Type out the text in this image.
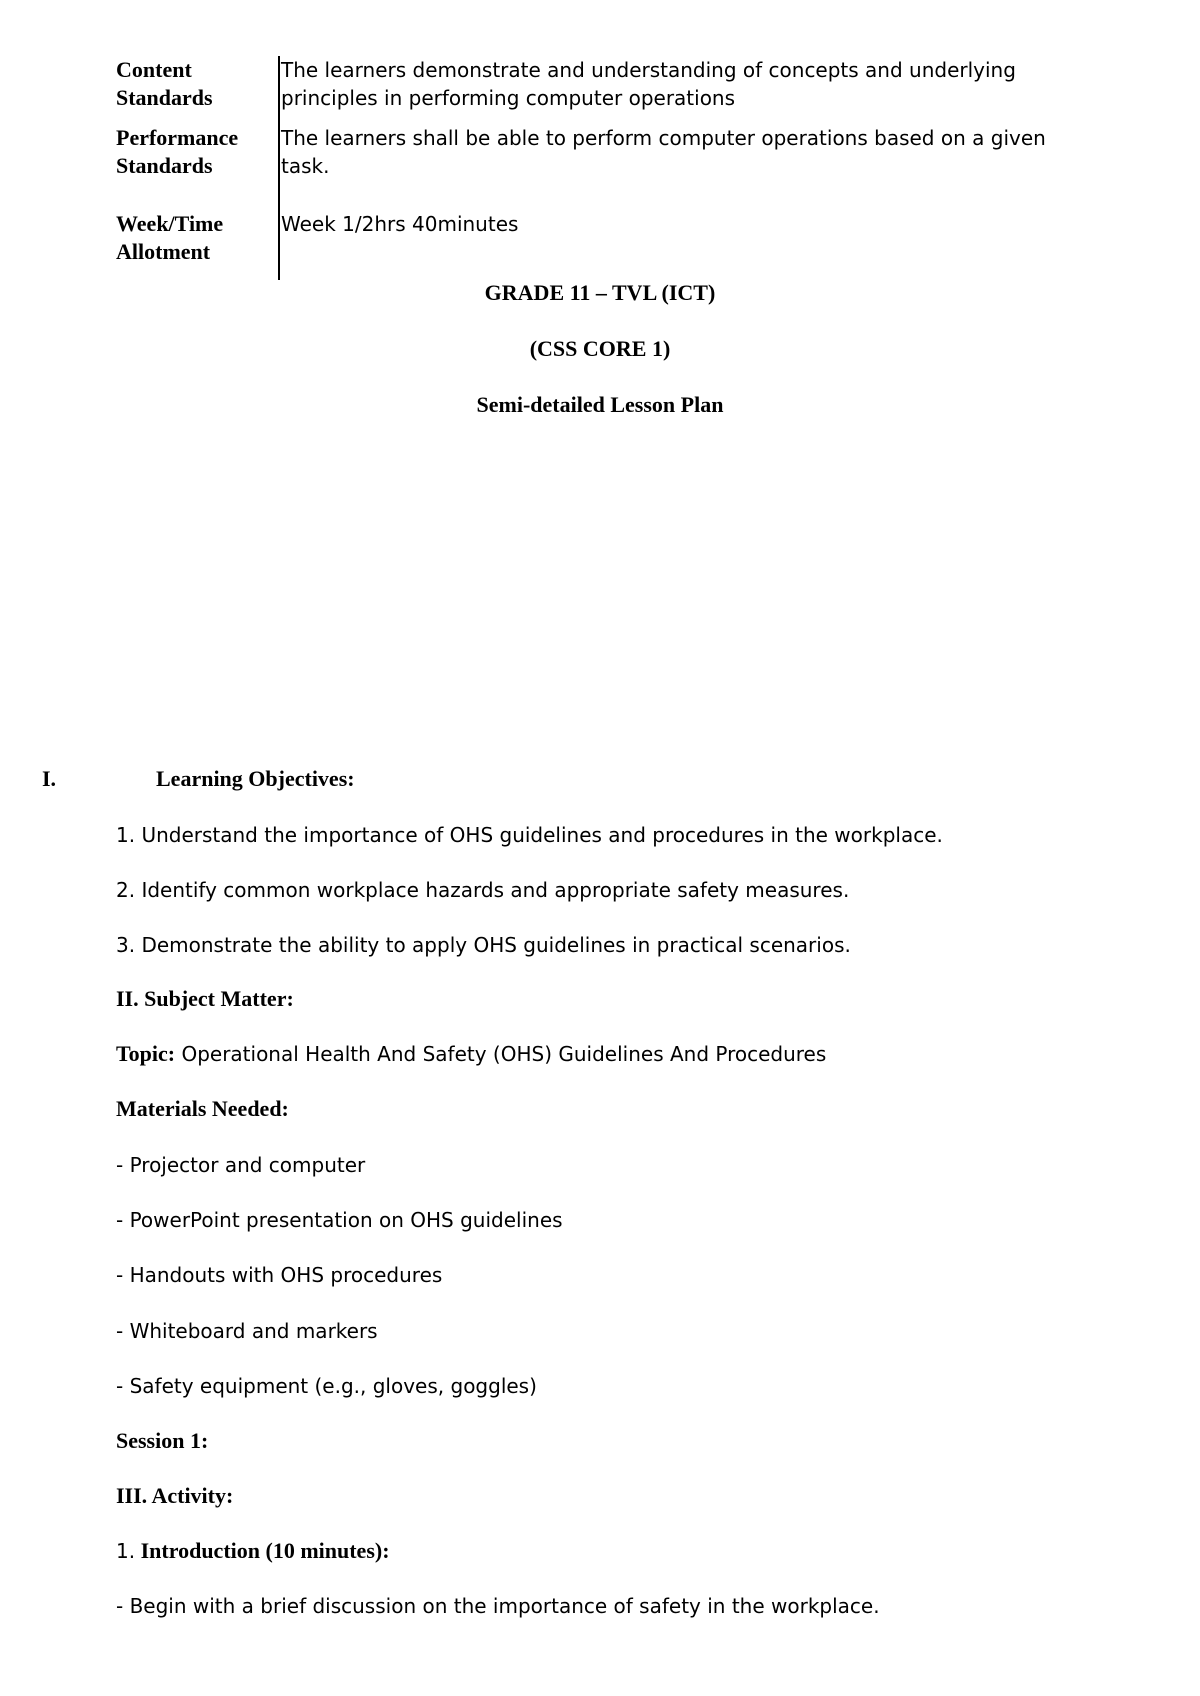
Content
Standards
The learners demonstrate and understanding of concepts and underlying
principles in performing computer operations
Performance
Standards
The learners shall be able to perform computer operations based on a given
task.
Week/Time
Allotment
Week 1/2hrs 40minutes
GRADE 11 – TVL (ICT)
(CSS CORE 1)
Semi-detailed Lesson Plan
I.	Learning Objectives:
1. Understand the importance of OHS guidelines and procedures in the workplace.
2. Identify common workplace hazards and appropriate safety measures.
3. Demonstrate the ability to apply OHS guidelines in practical scenarios.
II. Subject Matter:
Topic: Operational Health And Safety (OHS) Guidelines And Procedures
Materials Needed:
- Projector and computer
- PowerPoint presentation on OHS guidelines
- Handouts with OHS procedures
- Whiteboard and markers
- Safety equipment (e.g., gloves, goggles)
Session 1:
III. Activity:
1. Introduction (10 minutes):
- Begin with a brief discussion on the importance of safety in the workplace.
